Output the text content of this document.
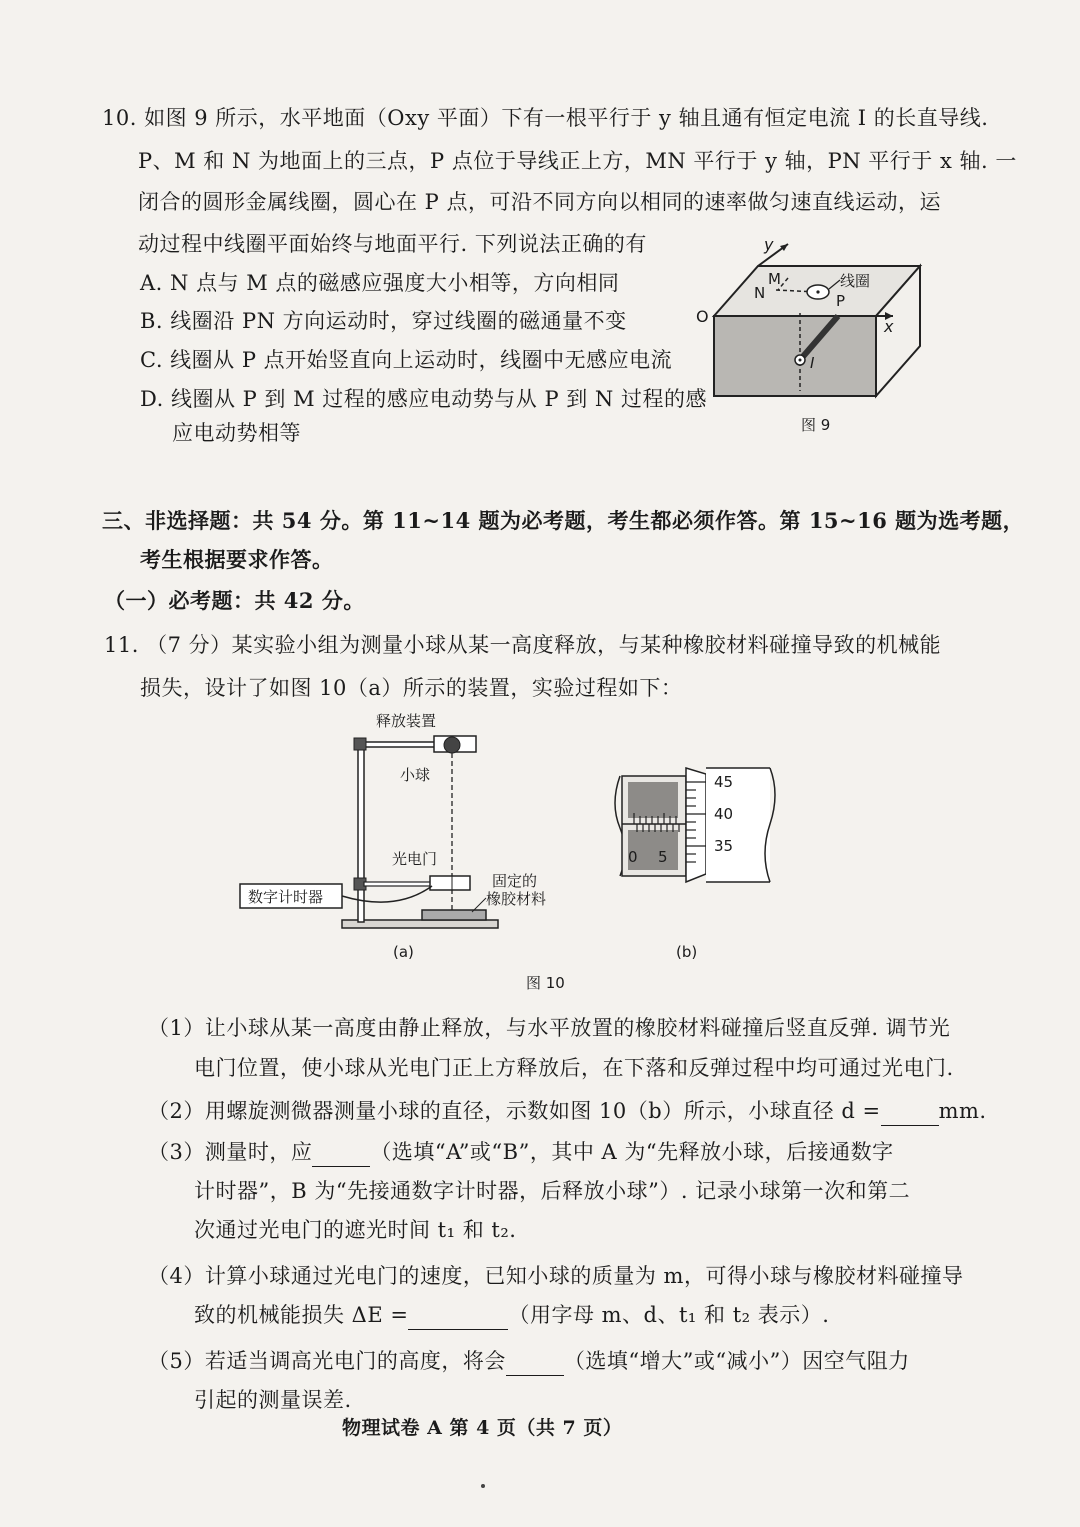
10. 如图 9 所示，水平地面（Oxy 平面）下有一根平行于 y 轴且通有恒定电流 I 的长直导线.
P、M 和 N 为地面上的三点，P 点位于导线正上方，MN 平行于 y 轴，PN 平行于 x 轴. 一
闭合的圆形金属线圈，圆心在 P 点，可沿不同方向以相同的速率做匀速直线运动，运
动过程中线圈平面始终与地面平行. 下列说法正确的有
A. N 点与 M 点的磁感应强度大小相等，方向相同
B. 线圈沿 PN 方向运动时，穿过线圈的磁通量不变
C. 线圈从 P 点开始竖直向上运动时，线圈中无感应电流
D. 线圈从 P 到 M 过程的感应电动势与从 P 到 N 过程的感
应电动势相等
y
x
O
M
N	P
线圈
I
图 9
三、非选择题：共 54 分。第 11~14 题为必考题，考生都必须作答。第 15~16 题为选考题，
考生根据要求作答。
（一）必考题：共 42 分。
11. （7 分）某实验小组为测量小球从某一高度释放，与某种橡胶材料碰撞导致的机械能
损失，设计了如图 10（a）所示的装置，实验过程如下：
数字计时器
释放装置
小球
光电门
固定的
橡胶材料
(a)
45
40
35
0 5
(b)
图 10
（1）让小球从某一高度由静止释放，与水平放置的橡胶材料碰撞后竖直反弹. 调节光
电门位置，使小球从光电门正上方释放后，在下落和反弹过程中均可通过光电门.
（2）用螺旋测微器测量小球的直径，示数如图 10（b）所示，小球直径 d =	mm.
（3）测量时，应	（选填“A”或“B”，其中 A 为“先释放小球，后接通数字
计时器”，B 为“先接通数字计时器，后释放小球”）. 记录小球第一次和第二
次通过光电门的遮光时间 t₁ 和 t₂.
（4）计算小球通过光电门的速度，已知小球的质量为 m，可得小球与橡胶材料碰撞导
致的机械能损失 ΔE =	（用字母 m、d、t₁ 和 t₂ 表示）.
（5）若适当调高光电门的高度，将会	（选填“增大”或“减小”）因空气阻力
引起的测量误差.
物理试卷 A 第 4 页（共 7 页）
